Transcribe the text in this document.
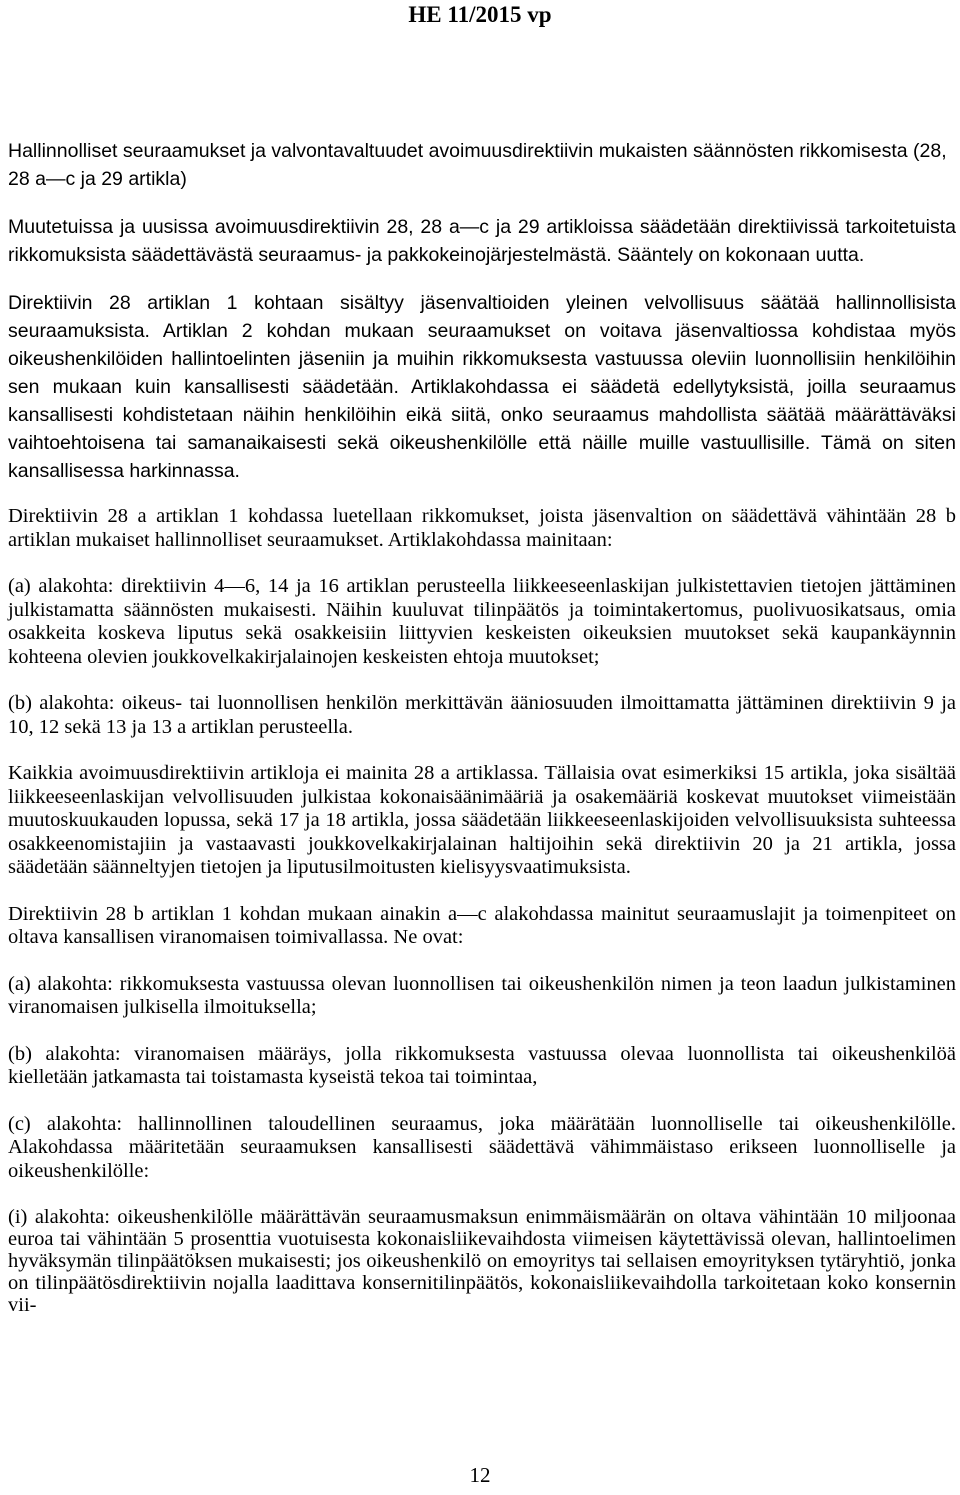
HE 11/2015 vp

Hallinnolliset seuraamukset ja valvontavaltuudet avoimuusdirektiivin mukaisten säännösten rikkomisesta (28, 28 a—c ja 29 artikla)

Muutetuissa ja uusissa avoimuusdirektiivin 28, 28 a—c ja 29 artikloissa säädetään direktiivissä tarkoitetuista rikkomuksista säädettävästä seuraamus- ja pakkokeinojärjestelmästä. Sääntely on kokonaan uutta.

Direktiivin 28 artiklan 1 kohtaan sisältyy jäsenvaltioiden yleinen velvollisuus säätää hallinnollisista seuraamuksista. Artiklan 2 kohdan mukaan seuraamukset on voitava jäsenvaltiossa kohdistaa myös oikeushenkilöiden hallintoelinten jäseniin ja muihin rikkomuksesta vastuussa oleviin luonnollisiin henkilöihin sen mukaan kuin kansallisesti säädetään. Artiklakohdassa ei säädetä edellytyksistä, joilla seuraamus kansallisesti kohdistetaan näihin henkilöihin eikä siitä, onko seuraamus mahdollista säätää määrättäväksi vaihtoehtoisena tai samanaikaisesti sekä oikeushenkilölle että näille muille vastuullisille. Tämä on siten kansallisessa harkinnassa.

Direktiivin 28 a artiklan 1 kohdassa luetellaan rikkomukset, joista jäsenvaltion on säädettävä vähintään 28 b artiklan mukaiset hallinnolliset seuraamukset. Artiklakohdassa mainitaan:

(a) alakohta: direktiivin 4—6, 14 ja 16 artiklan perusteella liikkeeseenlaskijan julkistettavien tietojen jättäminen julkistamatta säännösten mukaisesti. Näihin kuuluvat tilinpäätös ja toimintakertomus, puolivuosikatsaus, omia osakkeita koskeva liputus sekä osakkeisiin liittyvien keskeisten oikeuksien muutokset sekä kaupankäynnin kohteena olevien joukkovelkakirjalainojen keskeisten ehtoja muutokset;

(b) alakohta: oikeus- tai luonnollisen henkilön merkittävän ääniosuuden ilmoittamatta jättäminen direktiivin 9 ja 10, 12 sekä 13 ja 13 a artiklan perusteella.

Kaikkia avoimuusdirektiivin artikloja ei mainita 28 a artiklassa. Tällaisia ovat esimerkiksi 15 artikla, joka sisältää liikkeeseenlaskijan velvollisuuden julkistaa kokonaisäänimääriä ja osakemääriä koskevat muutokset viimeistään muutoskuukauden lopussa, sekä 17 ja 18 artikla, jossa säädetään liikkeeseenlaskijoiden velvollisuuksista suhteessa osakkeenomistajiin ja vastaavasti joukkovelkakirjalainan haltijoihin sekä direktiivin 20 ja 21 artikla, jossa säädetään säänneltyjen tietojen ja liputusilmoitusten kielisyysvaatimuksista.

Direktiivin 28 b artiklan 1 kohdan mukaan ainakin a—c alakohdassa mainitut seuraamuslajit ja toimenpiteet on oltava kansallisen viranomaisen toimivallassa. Ne ovat:

(a) alakohta: rikkomuksesta vastuussa olevan luonnollisen tai oikeushenkilön nimen ja teon laadun julkistaminen viranomaisen julkisella ilmoituksella;

(b) alakohta: viranomaisen määräys, jolla rikkomuksesta vastuussa olevaa luonnollista tai oikeushenkilöä kielletään jatkamasta tai toistamasta kyseistä tekoa tai toimintaa,

(c) alakohta: hallinnollinen taloudellinen seuraamus, joka määrätään luonnolliselle tai oikeushenkilölle. Alakohdassa määritetään seuraamuksen kansallisesti säädettävä vähimmäistaso erikseen luonnolliselle ja oikeushenkilölle:

(i) alakohta: oikeushenkilölle määrättävän seuraamusmaksun enimmäismäärän on oltava vähintään 10 miljoonaa euroa tai vähintään 5 prosenttia vuotuisesta kokonaisliikevaihdosta viimeisen käytettävissä olevan, hallintoelimen hyväksymän tilinpäätöksen mukaisesti; jos oikeushenkilö on emoyritys tai sellaisen emoyrityksen tytäryhtiö, jonka on tilinpäätösdirektiivin nojalla laadittava konsernitilinpäätös, kokonaisliikevaihdolla tarkoitetaan koko konsernin vii-

12
